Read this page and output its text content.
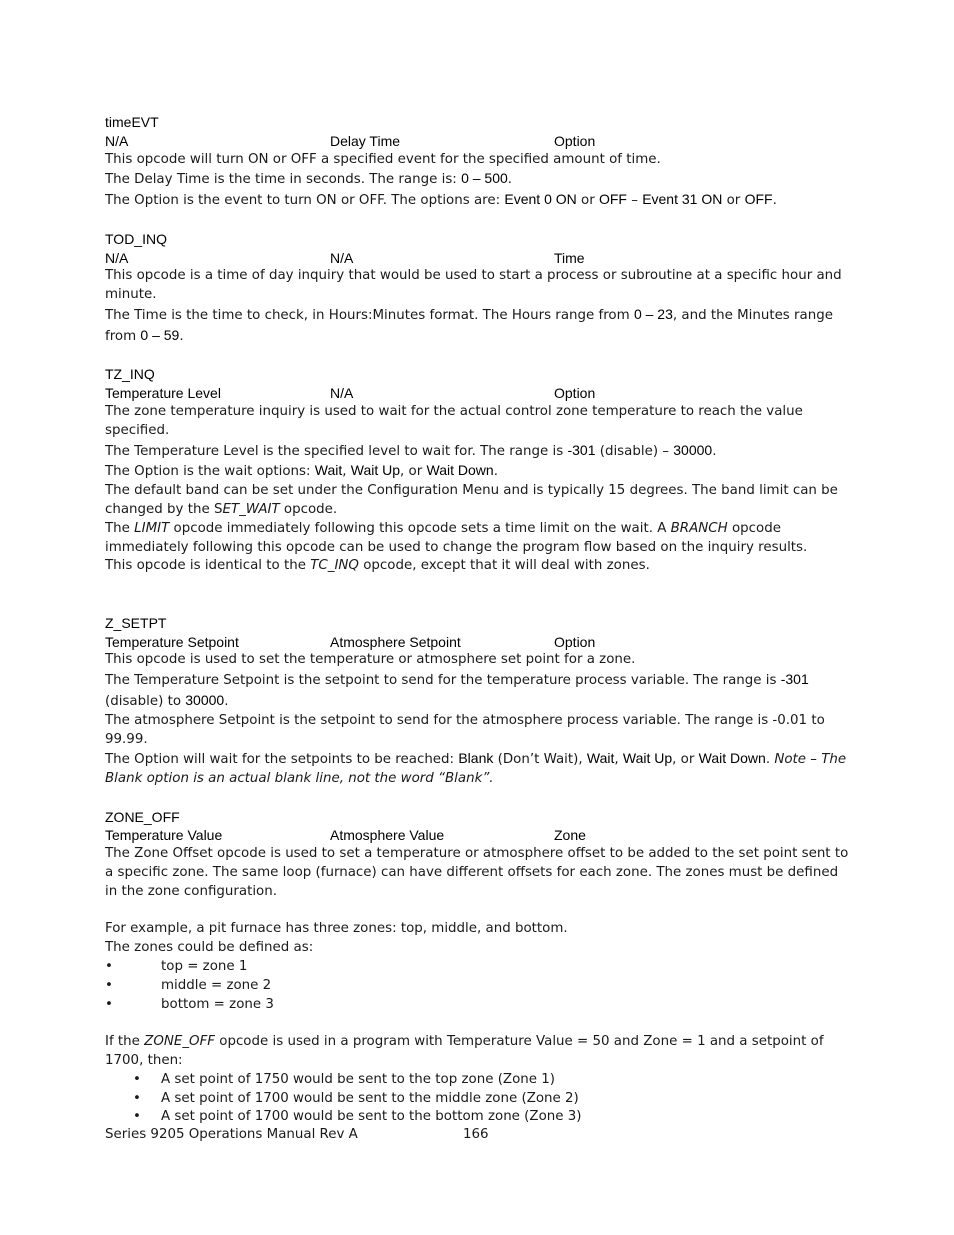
timeEVT
N/A	Delay Time	Option
This opcode will turn ON or OFF a specified event for the specified amount of time.
The Delay Time is the time in seconds. The range is: 0 – 500.
The Option is the event to turn ON or OFF. The options are: Event 0 ON or OFF – Event 31 ON or OFF.
TOD_INQ
N/A	N/A	Time
This opcode is a time of day inquiry that would be used to start a process or subroutine at a specific hour and minute.
The Time is the time to check, in Hours:Minutes format. The Hours range from 0 – 23, and the Minutes range from 0 – 59.
TZ_INQ
Temperature Level	N/A	Option
The zone temperature inquiry is used to wait for the actual control zone temperature to reach the value specified.
The Temperature Level is the specified level to wait for. The range is -301 (disable) – 30000.
The Option is the wait options: Wait, Wait Up, or Wait Down.
The default band can be set under the Configuration Menu and is typically 15 degrees. The band limit can be changed by the SET_WAIT opcode.
The LIMIT opcode immediately following this opcode sets a time limit on the wait. A BRANCH opcode immediately following this opcode can be used to change the program flow based on the inquiry results.
This opcode is identical to the TC_INQ opcode, except that it will deal with zones.
Z_SETPT
Temperature Setpoint	Atmosphere Setpoint	Option
This opcode is used to set the temperature or atmosphere set point for a zone.
The Temperature Setpoint is the setpoint to send for the temperature process variable. The range is -301 (disable) to 30000.
The atmosphere Setpoint is the setpoint to send for the atmosphere process variable. The range is -0.01 to 99.99.
The Option will wait for the setpoints to be reached: Blank (Don’t Wait), Wait, Wait Up, or Wait Down. Note – The Blank option is an actual blank line, not the word “Blank”.
ZONE_OFF
Temperature Value	Atmosphere Value	Zone
The Zone Offset opcode is used to set a temperature or atmosphere offset to be added to the set point sent to a specific zone. The same loop (furnace) can have different offsets for each zone. The zones must be defined in the zone configuration.
For example, a pit furnace has three zones: top, middle, and bottom.
The zones could be defined as:
•	top = zone 1
•	middle = zone 2
•	bottom = zone 3
If the ZONE_OFF opcode is used in a program with Temperature Value = 50 and Zone = 1 and a setpoint of 1700, then:
• A set point of 1750 would be sent to the top zone (Zone 1)
• A set point of 1700 would be sent to the middle zone (Zone 2)
• A set point of 1700 would be sent to the bottom zone (Zone 3)
Series 9205 Operations Manual Rev A	166
